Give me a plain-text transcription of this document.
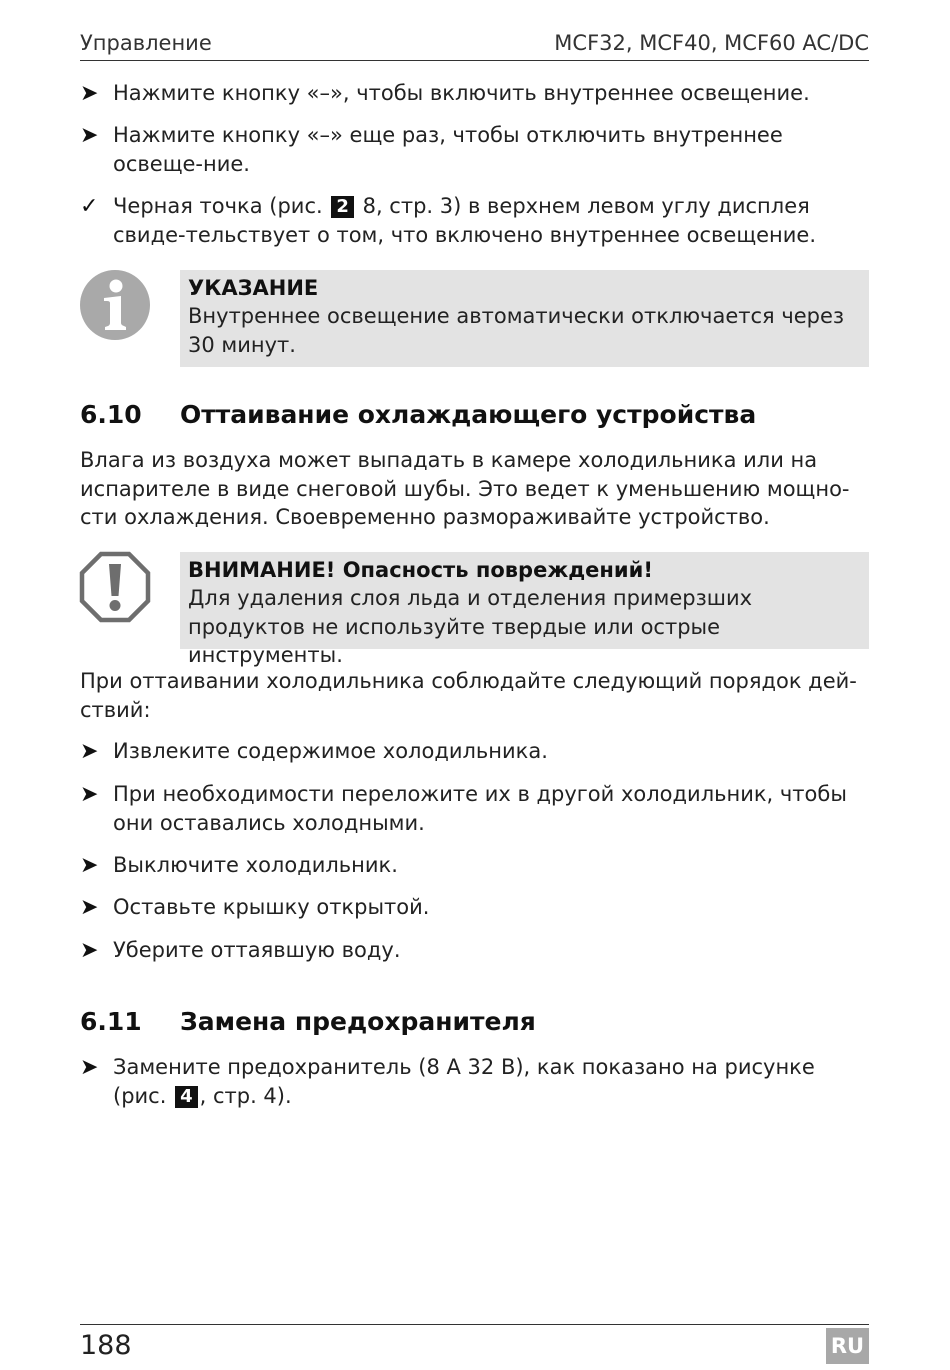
Управление	MCF32, MCF40, MCF60 AC/DC
➤ Нажмите кнопку «–», чтобы включить внутреннее освещение.
➤ Нажмите кнопку «–» еще раз, чтобы отключить внутреннее освеще-ние.
✓ Черная точка (рис. 2 8, стр. 3) в верхнем левом углу дисплея свиде-тельствует о том, что включено внутреннее освещение.
УКАЗАНИЕ
Внутреннее освещение автоматически отключается через 30 минут.
6.10 Оттаивание охлаждающего устройства

Влага из воздуха может выпадать в камере холодильника или на испарителе в виде снеговой шубы. Это ведет к уменьшению мощно-сти охлаждения. Своевременно размораживайте устройство.

ВНИМАНИЕ! Опасность повреждений!
Для удаления слоя льда и отделения примерзших продуктов не используйте твердые или острые инструменты.

При оттаивании холодильника соблюдайте следующий порядок дей-ствий:

➤ Извлеките содержимое холодильника.
➤ При необходимости переложите их в другой холодильник, чтобы они оставались холодными.
➤ Выключите холодильник.
➤ Оставьте крышку открытой.
➤ Уберите оттаявшую воду.
6.11 Замена предохранителя
➤ Замените предохранитель (8 А 32 В), как показано на рисунке (рис. 4 , стр. 4).
188	RU
